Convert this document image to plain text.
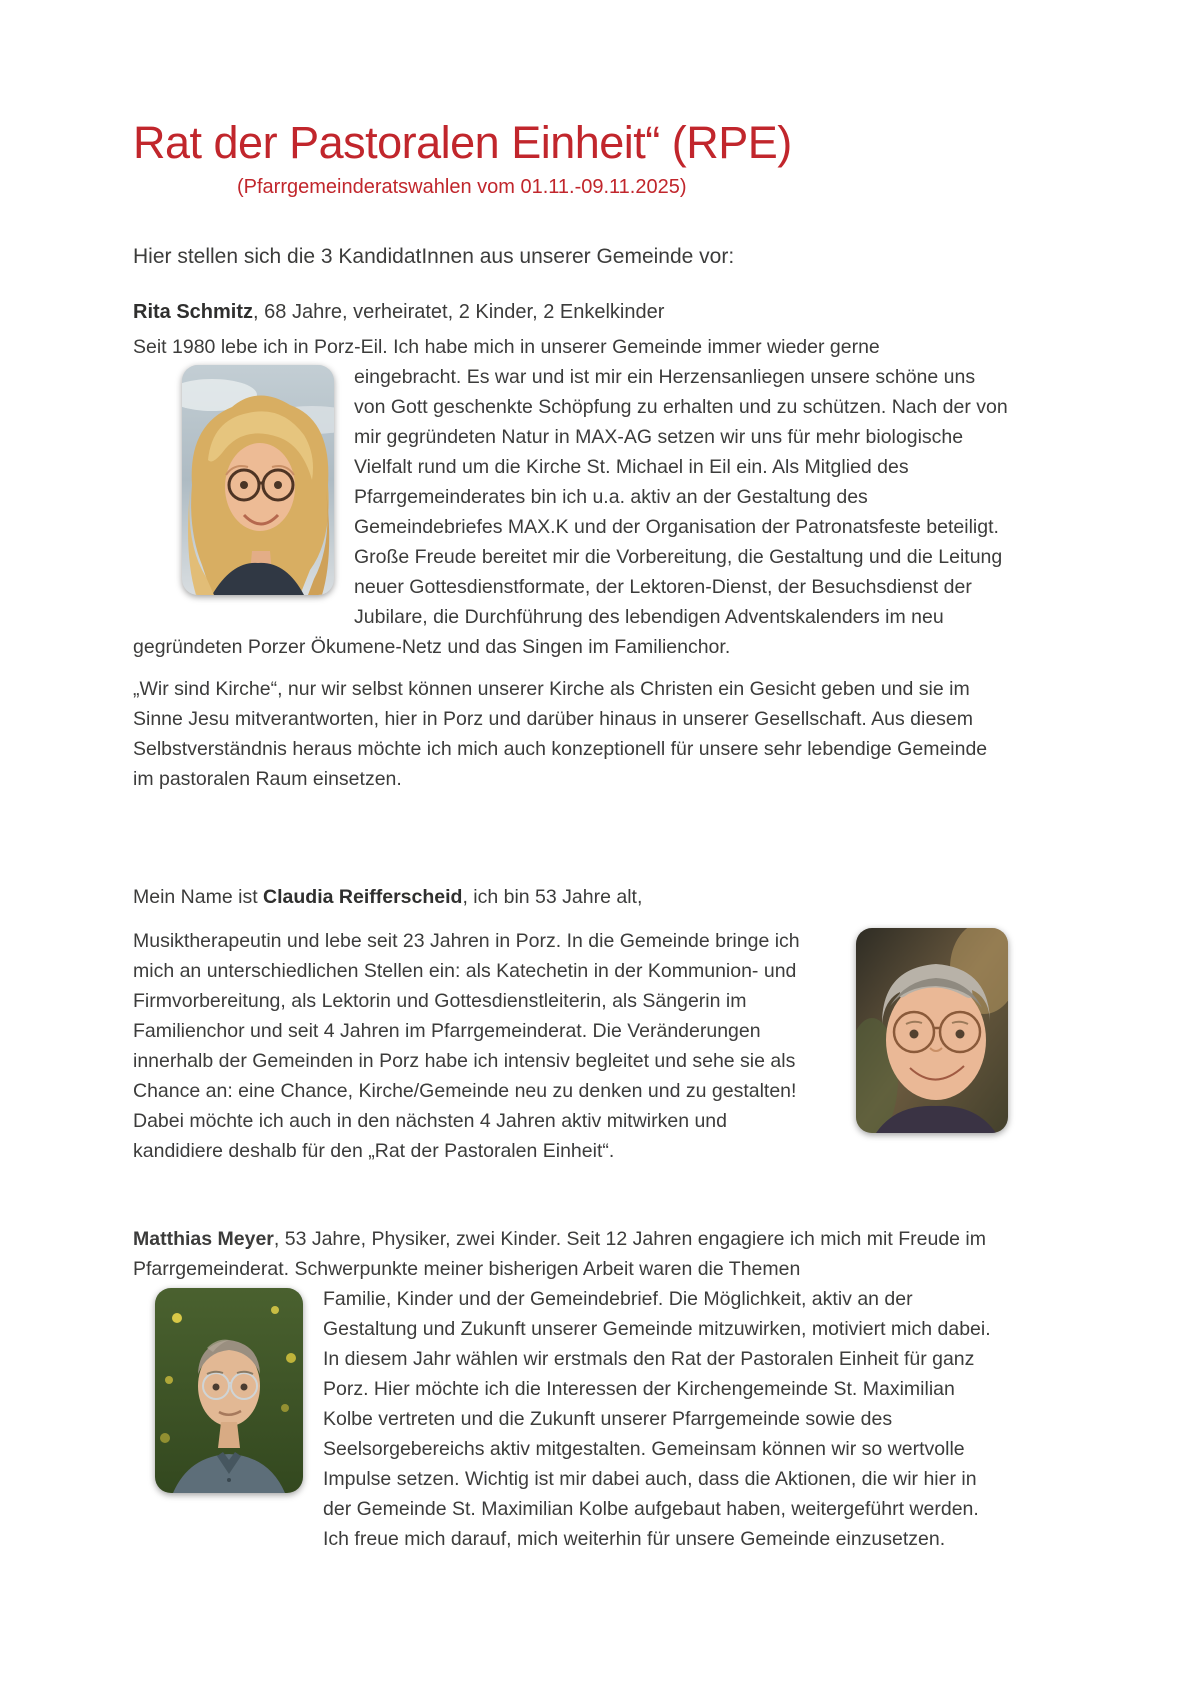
Rat der Pastoralen Einheit“ (RPE)
(Pfarrgemeinderatswahlen vom 01.11.-09.11.2025)

Hier stellen sich die 3 KandidatInnen aus unserer Gemeinde vor:

Rita Schmitz, 68 Jahre, verheiratet, 2 Kinder, 2 Enkelkinder

Seit 1980 lebe ich in Porz-Eil. Ich habe mich in unserer Gemeinde immer wieder gerne

eingebracht. Es war und ist mir ein Herzensanliegen unsere schöne uns von Gott geschenkte Schöpfung zu erhalten und zu schützen. Nach der von mir gegründeten Natur in MAX-AG setzen wir uns für mehr biologische Vielfalt rund um die Kirche St. Michael in Eil ein. Als Mitglied des Pfarrgemeinderates bin ich u.a. aktiv an der Gestaltung des Gemeindebriefes MAX.K und der Organisation der Patronatsfeste beteiligt. Große Freude bereitet mir die Vorbereitung, die Gestaltung und die Leitung neuer Gottesdienstformate, der Lektoren-Dienst, der Besuchsdienst der Jubilare, die Durchführung des lebendigen Adventskalenders im neu gegründeten Porzer Ökumene-Netz und das Singen im Familienchor.

„Wir sind Kirche“, nur wir selbst können unserer Kirche als Christen ein Gesicht geben und sie im Sinne Jesu mitverantworten, hier in Porz und darüber hinaus in unserer Gesellschaft. Aus diesem Selbstverständnis heraus möchte ich mich auch konzeptionell für unsere sehr lebendige Gemeinde im pastoralen Raum einsetzen.

Mein Name ist Claudia Reifferscheid, ich bin 53 Jahre alt,

Musiktherapeutin und lebe seit 23 Jahren in Porz. In die Gemeinde bringe ich mich an unterschiedlichen Stellen ein: als Katechetin in der Kommunion- und Firmvorbereitung, als Lektorin und Gottesdienstleiterin, als Sängerin im Familienchor und seit 4 Jahren im Pfarrgemeinderat. Die Veränderungen innerhalb der Gemeinden in Porz habe ich intensiv begleitet und sehe sie als Chance an: eine Chance, Kirche/Gemeinde neu zu denken und zu gestalten! Dabei möchte ich auch in den nächsten 4 Jahren aktiv mitwirken und kandidiere deshalb für den „Rat der Pastoralen Einheit“.

Matthias Meyer, 53 Jahre, Physiker, zwei Kinder. Seit 12 Jahren engagiere ich mich mit Freude im Pfarrgemeinderat. Schwerpunkte meiner bisherigen Arbeit waren die Themen

Familie, Kinder und der Gemeindebrief. Die Möglichkeit, aktiv an der Gestaltung und Zukunft unserer Gemeinde mitzuwirken, motiviert mich dabei. In diesem Jahr wählen wir erstmals den Rat der Pastoralen Einheit für ganz Porz. Hier möchte ich die Interessen der Kirchengemeinde St. Maximilian Kolbe vertreten und die Zukunft unserer Pfarrgemeinde sowie des Seelsorgebereichs aktiv mitgestalten. Gemeinsam können wir so wertvolle Impulse setzen. Wichtig ist mir dabei auch, dass die Aktionen, die wir hier in der Gemeinde St. Maximilian Kolbe aufgebaut haben, weitergeführt werden. Ich freue mich darauf, mich weiterhin für unsere Gemeinde einzusetzen.
